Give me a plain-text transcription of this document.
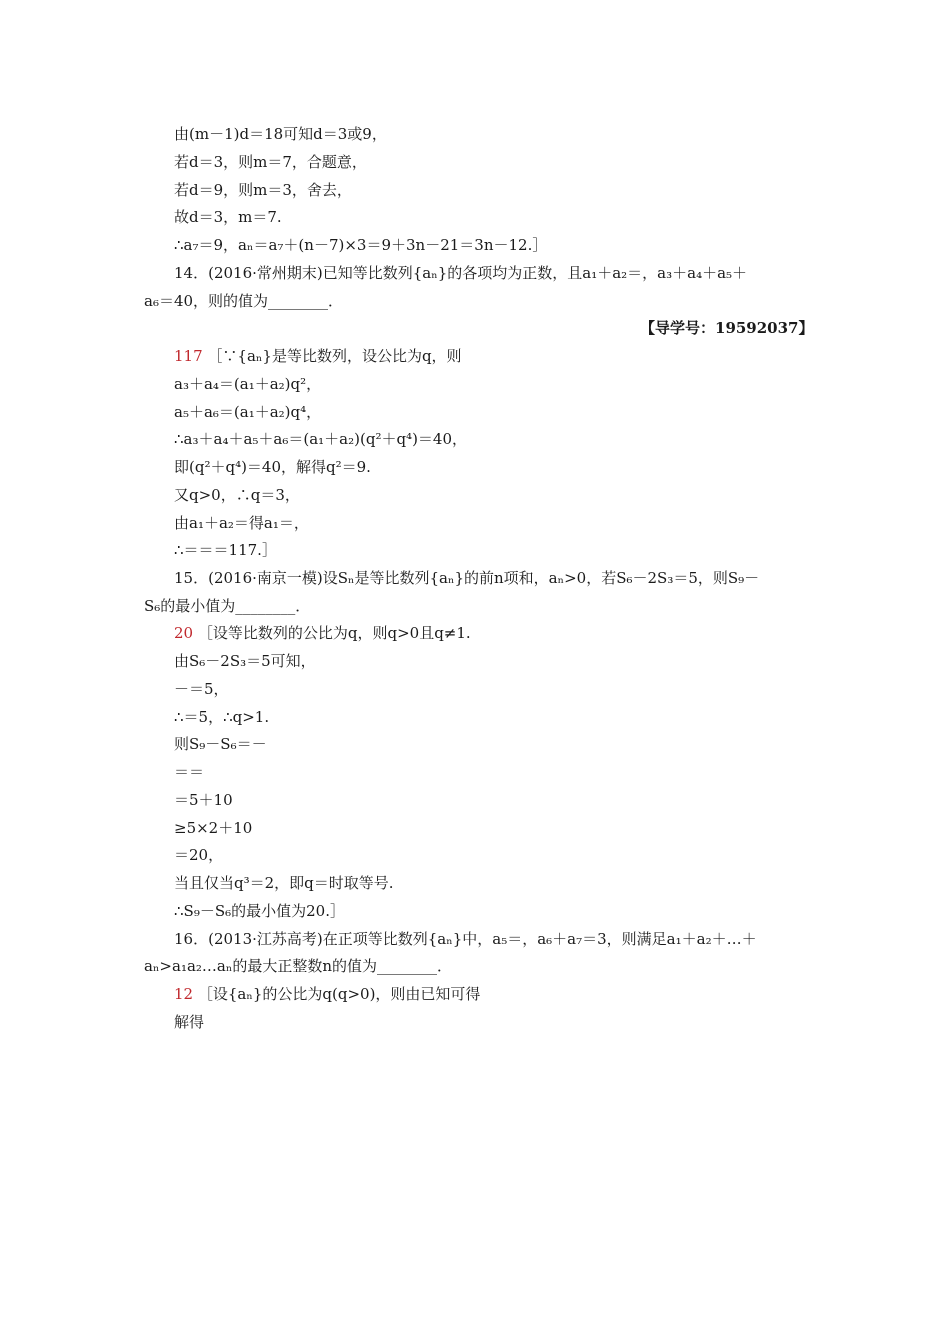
由(m－1)d＝18可知d＝3或9，
若d＝3，则m＝7，合题意，
若d＝9，则m＝3，舍去，
故d＝3，m＝7.
∴a₇＝9，aₙ＝a₇＋(n－7)×3＝9＋3n－21＝3n－12.］
14．(2016·常州期末)已知等比数列{aₙ}的各项均为正数，且a₁＋a₂＝，a₃＋a₄＋a₅＋
a₆＝40，则的值为________．
【导学号：19592037】
117 ［∵{aₙ}是等比数列，设公比为q，则
a₃＋a₄＝(a₁＋a₂)q²，
a₅＋a₆＝(a₁＋a₂)q⁴，
∴a₃＋a₄＋a₅＋a₆＝(a₁＋a₂)(q²＋q⁴)＝40，
即(q²＋q⁴)＝40，解得q²＝9.
又q>0，∴q＝3，
由a₁＋a₂＝得a₁＝，
∴＝＝＝117.］
15．(2016·南京一模)设Sₙ是等比数列{aₙ}的前n项和，aₙ>0，若S₆－2S₃＝5，则S₉－
S₆的最小值为________．
20 ［设等比数列的公比为q，则q>0且q≠1.
由S₆－2S₃＝5可知，
－＝5，
∴＝5，∴q>1.
则S₉－S₆＝－
＝＝
＝5＋10
≥5×2＋10
＝20，
当且仅当q³＝2，即q＝时取等号.
∴S₉－S₆的最小值为20.］
16．(2013·江苏高考)在正项等比数列{aₙ}中，a₅＝，a₆＋a₇＝3，则满足a₁＋a₂＋…＋
aₙ>a₁a₂…aₙ的最大正整数n的值为________．
12 ［设{aₙ}的公比为q(q>0)，则由已知可得
解得
